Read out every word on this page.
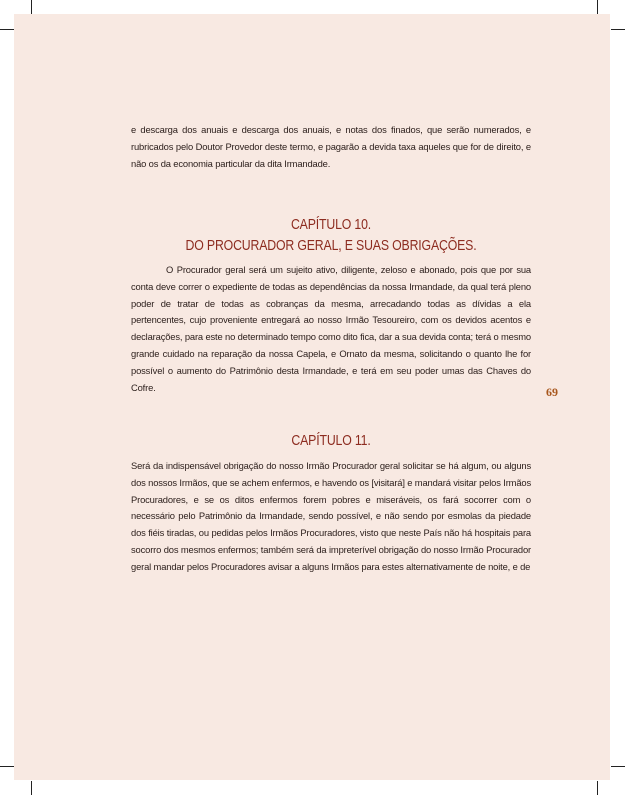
e descarga dos anuais e descarga dos anuais, e notas dos finados, que serão numerados, e rubricados pelo Doutor Provedor deste termo, e pagarão a devida taxa aqueles que for de direito, e não os da economia particular da dita Irmandade.

CAPÍTULO 10.
DO PROCURADOR GERAL, E SUAS OBRIGAÇÕES.

O Procurador geral será um sujeito ativo, diligente, zeloso e abonado, pois que por sua conta deve correr o expediente de todas as dependências da nossa Irmandade, da qual terá pleno poder de tratar de todas as cobranças da mesma, arrecadando todas as dívidas a ela pertencentes, cujo proveniente entregará ao nosso Irmão Tesoureiro, com os devidos acentos e declarações, para este no determinado tempo como dito fica, dar a sua devida conta; terá o mesmo grande cuidado na reparação da nossa Capela, e Ornato da mesma, solicitando o quanto lhe for possível o aumento do Patrimônio desta Irmandade, e terá em seu poder umas das Chaves do Cofre.	69
CAPÍTULO 11.

Será da indispensável obrigação do nosso Irmão Procurador geral solicitar se há algum, ou alguns dos nossos Irmãos, que se achem enfermos, e havendo os [visitará] e mandará visitar pelos Irmãos Procuradores, e se os ditos enfermos forem pobres e miseráveis, os fará socorrer com o necessário pelo Patrimônio da Irmandade, sendo possível, e não sendo por esmolas da piedade dos fiéis tiradas, ou pedidas pelos Irmãos Procuradores, visto que neste País não há hospitais para socorro dos mesmos enfermos; também será da impreterível obrigação do nosso Irmão Procurador geral mandar pelos Procuradores avisar a alguns Irmãos para estes alternativamente de noite, e de
